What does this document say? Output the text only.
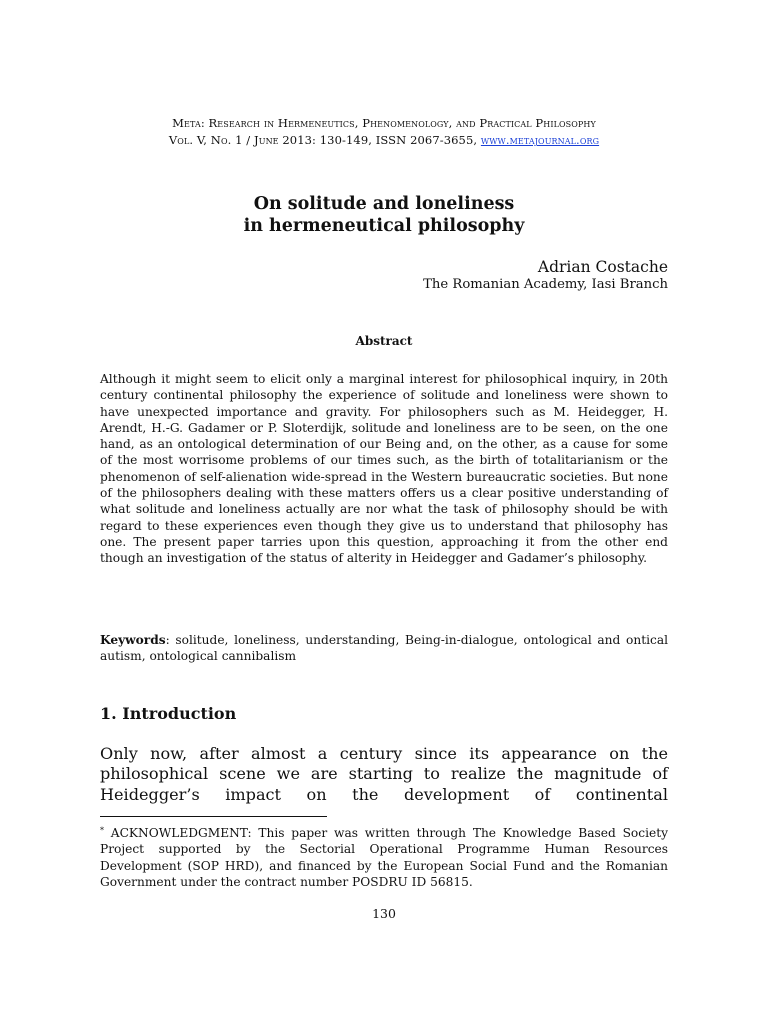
Meta: Research in Hermeneutics, Phenomenology, and Practical Philosophy
Vol. V, No. 1 / June 2013: 130-149, ISSN 2067-3655, www.metajournal.org
On solitude and loneliness
in hermeneutical philosophy
Adrian Costache
The Romanian Academy, Iasi Branch
Abstract
Although it might seem to elicit only a marginal interest for philosophical inquiry, in 20th century continental philosophy the experience of solitude and loneliness were shown to have unexpected importance and gravity. For philosophers such as M. Heidegger, H. Arendt, H.-G. Gadamer or P. Sloterdijk, solitude and loneliness are to be seen, on the one hand, as an ontological determination of our Being and, on the other, as a cause for some of the most worrisome problems of our times such, as the birth of totalitarianism or the phenomenon of self-alienation wide-spread in the Western bureaucratic societies. But none of the philosophers dealing with these matters offers us a clear positive understanding of what solitude and loneliness actually are nor what the task of philosophy should be with regard to these experiences even though they give us to understand that philosophy has one. The present paper tarries upon this question, approaching it from the other end though an investigation of the status of alterity in Heidegger and Gadamer’s philosophy.
Keywords: solitude, loneliness, understanding, Being-in-dialogue, ontological and ontical autism, ontological cannibalism
1. Introduction
Only now, after almost a century since its appearance on the
philosophical scene we are starting to realize the magnitude of
Heidegger’s impact on the development of continental
* ACKNOWLEDGMENT: This paper was written through The Knowledge Based Society Project supported by the Sectorial Operational Programme Human Resources Development (SOP HRD), and financed by the European Social Fund and the Romanian Government under the contract number POSDRU ID 56815.
130
